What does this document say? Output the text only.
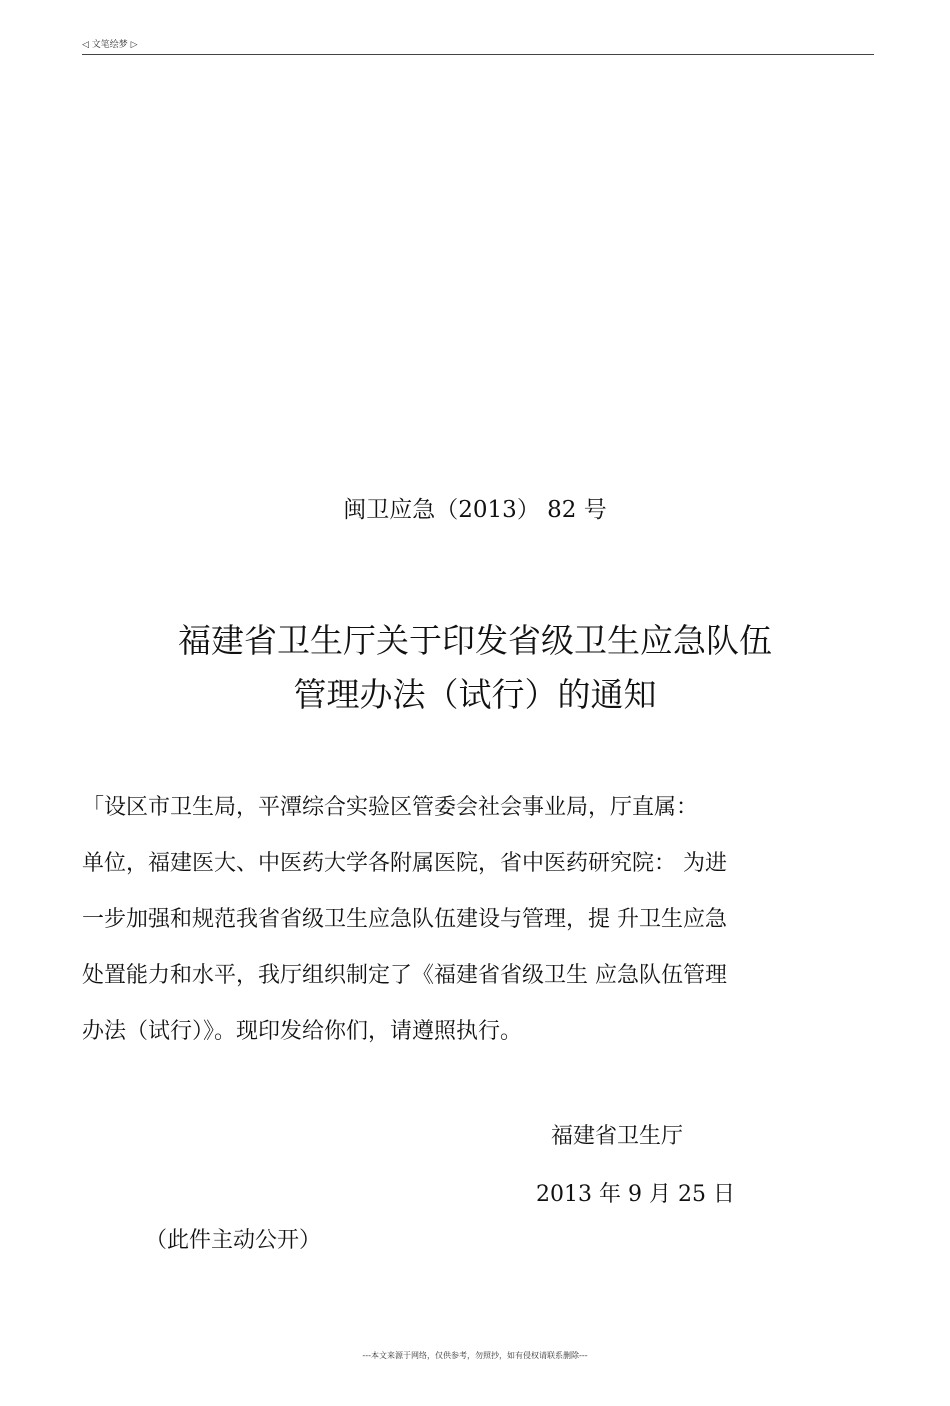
◁ 文笔绘梦 ▷
闽卫应急（2013） 82 号
福建省卫生厅关于印发省级卫生应急队伍
管理办法（试行）的通知
「设区市卫生局，平潭综合实验区管委会社会事业局，厅直属：
单位，福建医大、中医药大学各附属医院，省中医药研究院： 为进
一步加强和规范我省省级卫生应急队伍建设与管理，提 升卫生应急
处置能力和水平，我厅组织制定了《福建省省级卫生 应急队伍管理
办法（试行）》。现印发给你们，请遵照执行。
福建省卫生厅
2013 年 9 月 25 日
（此件主动公开）
---本文来源于网络，仅供参考，勿照抄，如有侵权请联系删除---
